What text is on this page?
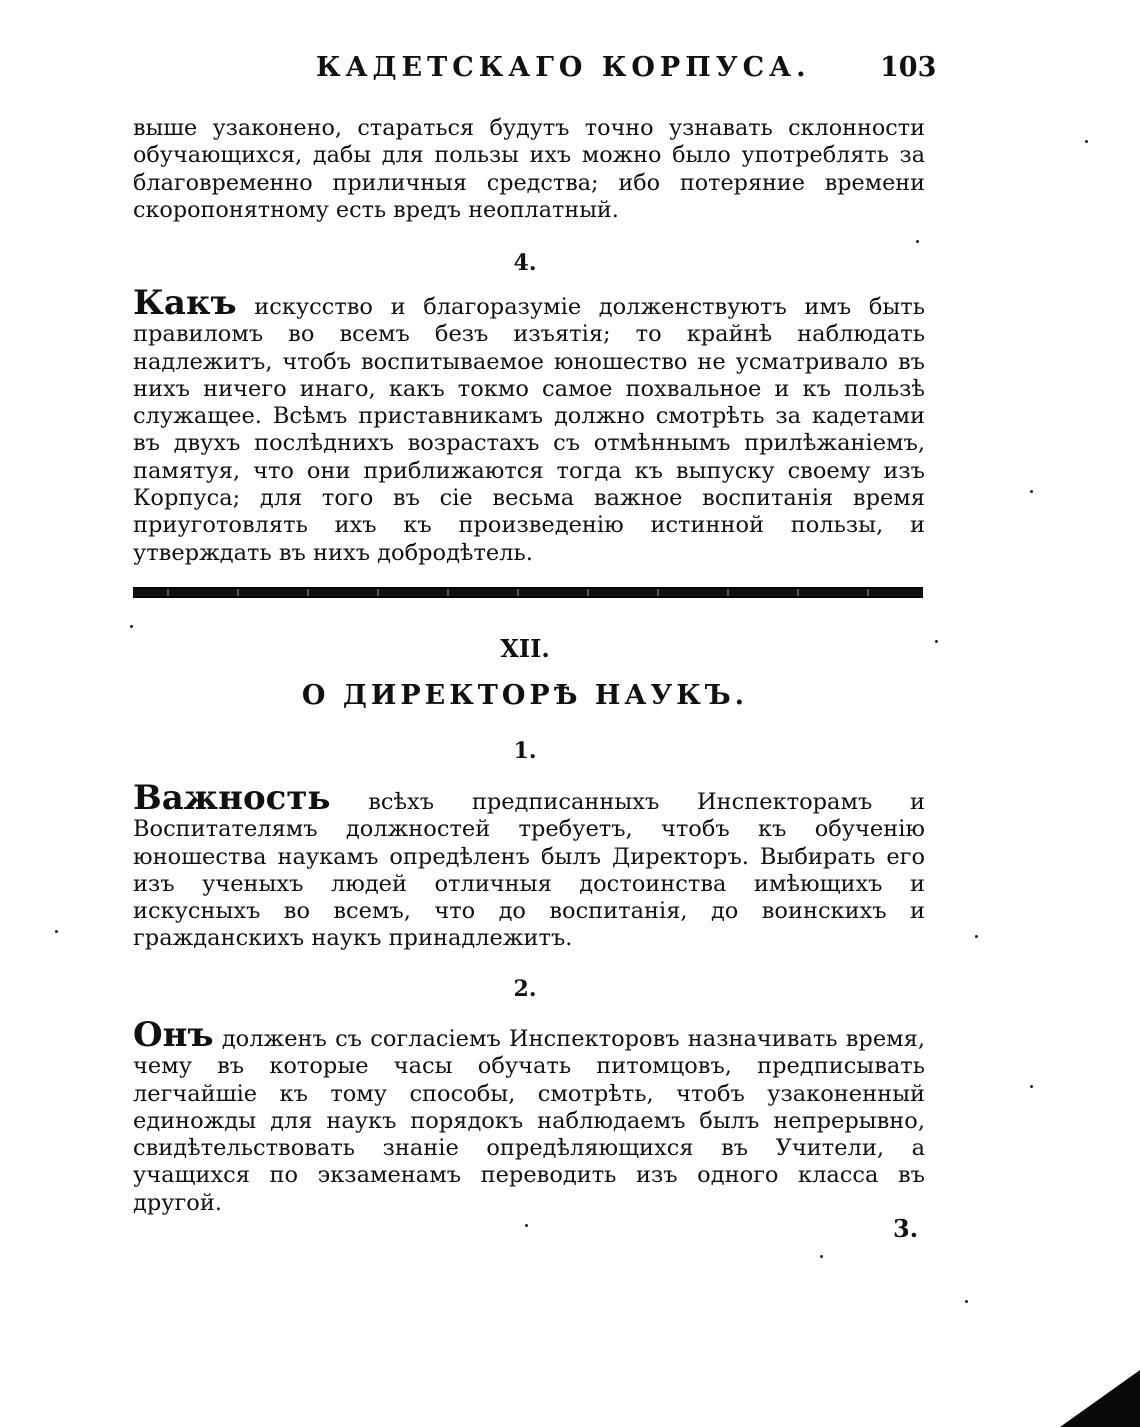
КАДЕТСКАГО КОРПУСА.	103
выше узаконено, стараться будутъ точно узнавать склонности обучающихся, дабы для пользы ихъ можно было употреблять за благовременно приличныя средства; ибо потеряние времени скоропонятному есть вредъ неоплатный.
4.
Какъ искусство и благоразуміе долженствуютъ имъ быть правиломъ во всемъ безъ изъятія; то крайнѣ наблюдать надлежитъ, чтобъ воспитываемое юношество не усматривало въ нихъ ничего инаго, какъ токмо самое похвальное и къ пользѣ служащее. Всѣмъ приставникамъ должно смотрѣть за кадетами въ двухъ послѣднихъ возрастахъ съ отмѣннымъ прилѣжаніемъ, памятуя, что они приближаются тогда къ выпуску своему изъ Корпуса; для того въ сіе весьма важное воспитанія время приуготовлять ихъ къ произведенію истинной пользы, и утверждать въ нихъ добродѣтель.
XII.
О ДИРЕКТОРѢ НАУКЪ.
1.
Важность всѣхъ предписанныхъ Инспекторамъ и Воспитателямъ должностей требуетъ, чтобъ къ обученію юношества наукамъ опредѣленъ былъ Директоръ. Выбирать его изъ ученыхъ людей отличныя достоинства имѣющихъ и искусныхъ во всемъ, что до воспитанія, до воинскихъ и гражданскихъ наукъ принадлежитъ.
2.
Онъ долженъ съ согласіемъ Инспекторовъ назначивать время, чему въ которые часы обучать питомцовъ, предписывать легчайшіе къ тому способы, смотрѣть, чтобъ узаконенный единожды для наукъ порядокъ наблюдаемъ былъ непрерывно, свидѣтельствовать знаніе опредѣляющихся въ Учители, а учащихся по экзаменамъ переводить изъ одного класса въ другой.
3.
